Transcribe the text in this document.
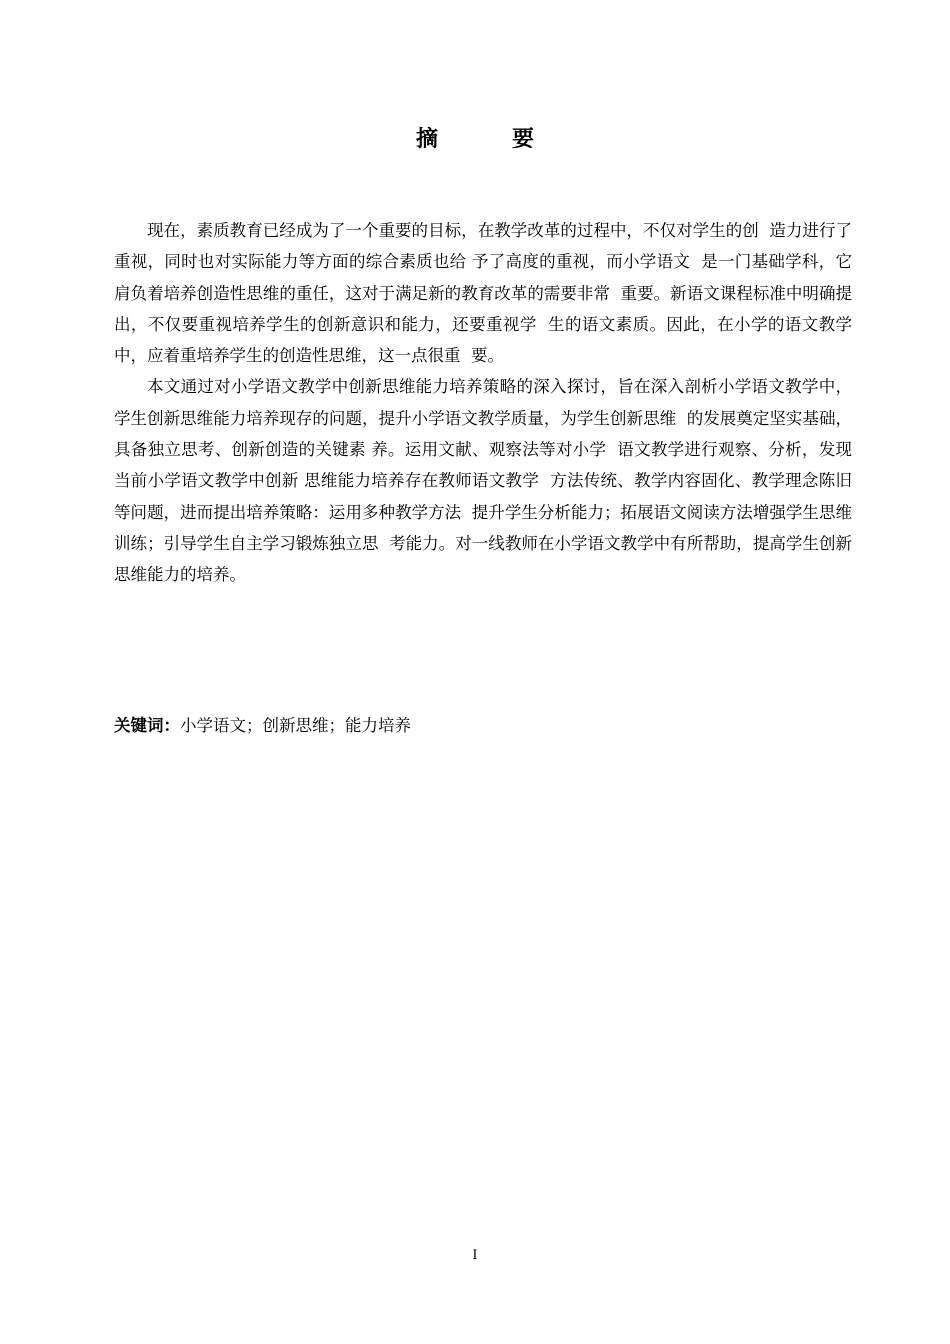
摘　要

现在，素质教育已经成为了一个重要的目标，在教学改革的过程中，不仅对学生的创  造力进行了重视，同时也对实际能力等方面的综合素质也给 予了高度的重视，而小学语文  是一门基础学科，它肩负着培养创造性思维的重任，这对于满足新的教育改革的需要非常  重要。新语文课程标准中明确提出，不仅要重视培养学生的创新意识和能力，还要重视学  生的语文素质。因此，在小学的语文教学中，应着重培养学生的创造性思维，这一点很重  要。

本文通过对小学语文教学中创新思维能力培养策略的深入探讨，旨在深入剖析小学语文教学中，学生创新思维能力培养现存的问题，提升小学语文教学质量，为学生创新思维  的发展奠定坚实基础，具备独立思考、创新创造的关键素 养。运用文献、观察法等对小学  语文教学进行观察、分析，发现当前小学语文教学中创新 思维能力培养存在教师语文教学  方法传统、教学内容固化、教学理念陈旧等问题，进而提出培养策略：运用多种教学方法  提升学生分析能力；拓展语文阅读方法增强学生思维训练；引导学生自主学习锻炼独立思  考能力。对一线教师在小学语文教学中有所帮助，提高学生创新思维能力的培养。

关键词：小学语文；创新思维；能力培养
I
